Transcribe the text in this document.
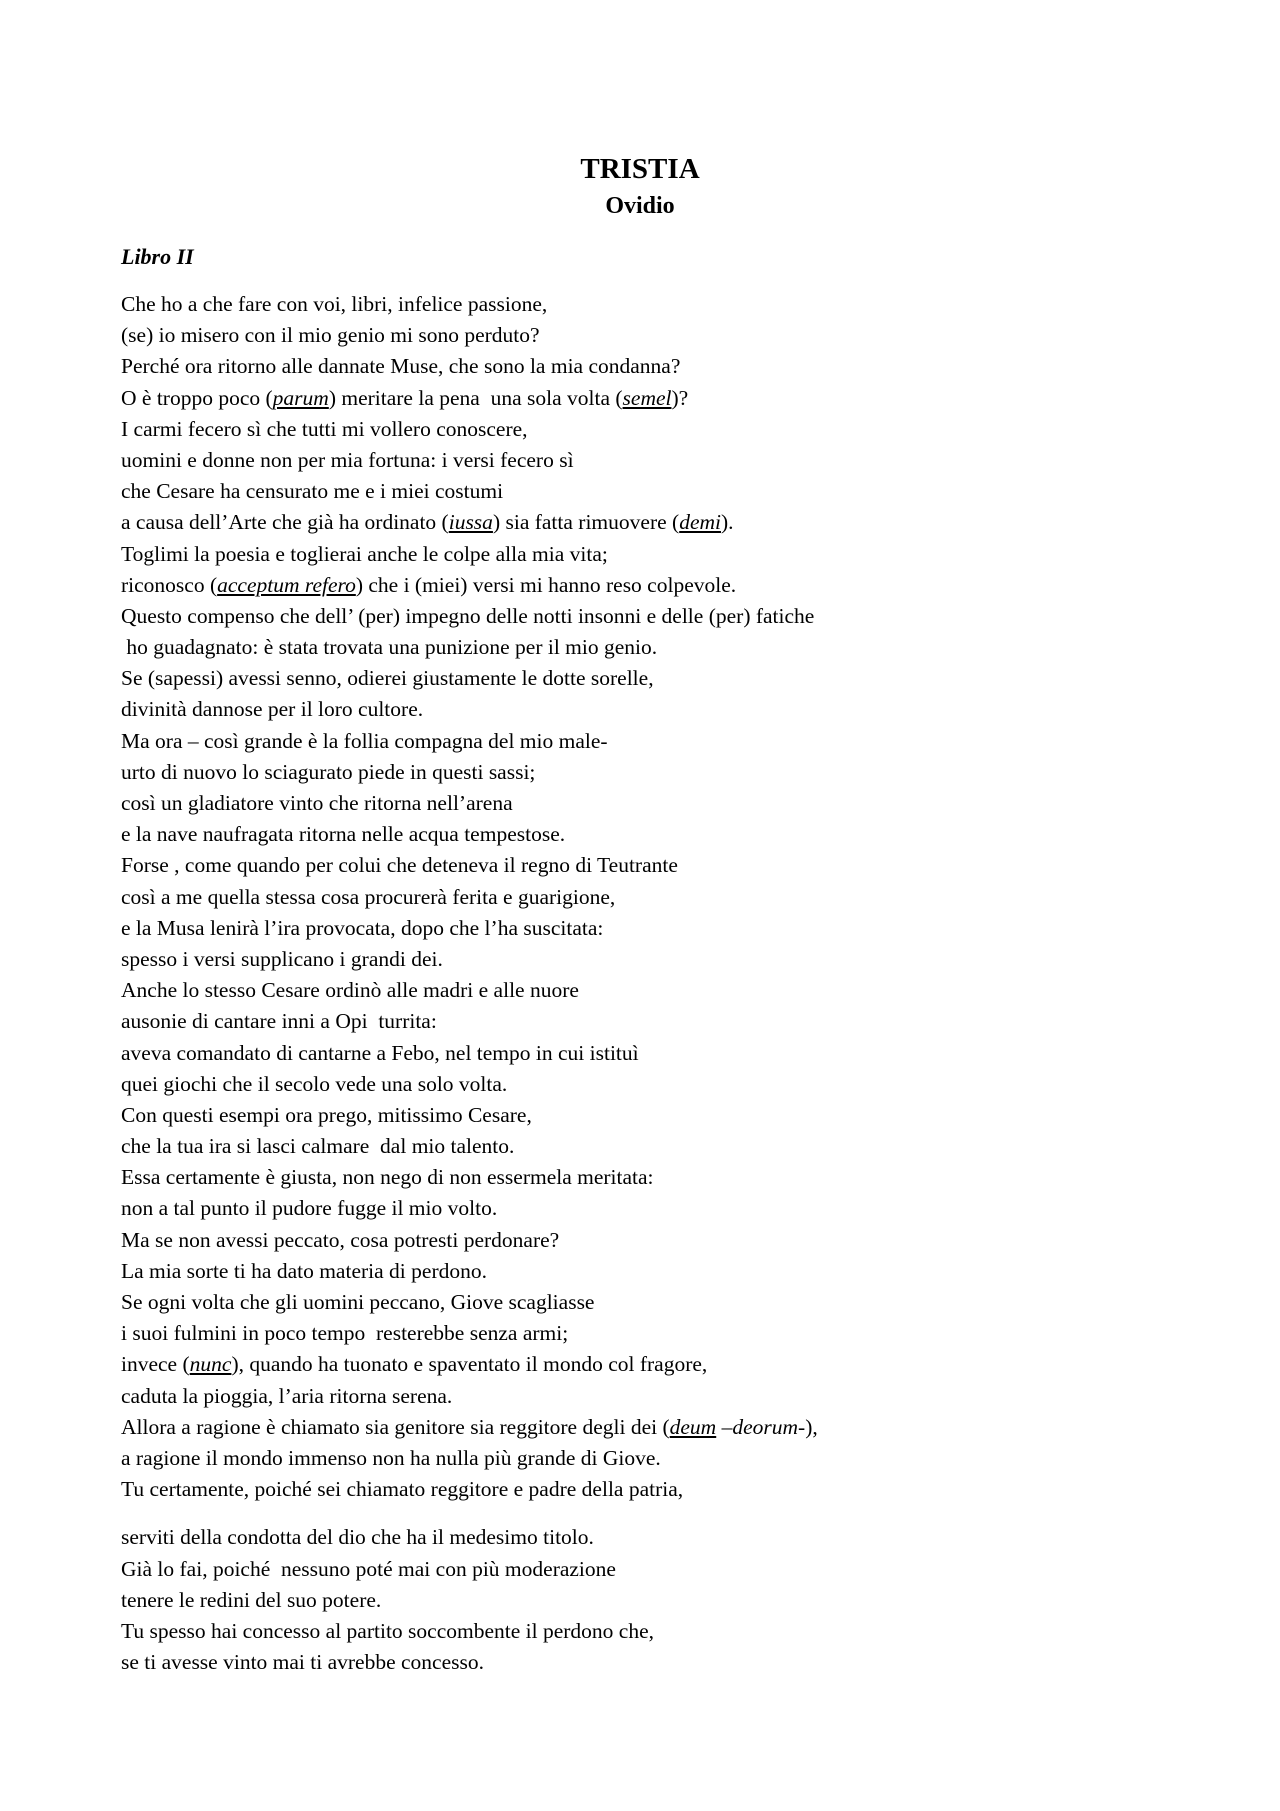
TRISTIA
Ovidio
Libro II
Che ho a che fare con voi, libri, infelice passione,
(se) io misero con il mio genio mi sono perduto?
Perché ora ritorno alle dannate Muse, che sono la mia condanna?
O è troppo poco (parum) meritare la pena  una sola volta (semel)?
I carmi fecero sì che tutti mi vollero conoscere,
uomini e donne non per mia fortuna: i versi fecero sì
che Cesare ha censurato me e i miei costumi
a causa dell’Arte che già ha ordinato (iussa) sia fatta rimuovere (demi).
Toglimi la poesia e toglierai anche le colpe alla mia vita;
riconosco (acceptum refero) che i (miei) versi mi hanno reso colpevole.
Questo compenso che dell’ (per) impegno delle notti insonni e delle (per) fatiche
ho guadagnato: è stata trovata una punizione per il mio genio.
Se (sapessi) avessi senno, odierei giustamente le dotte sorelle,
divinità dannose per il loro cultore.
Ma ora – così grande è la follia compagna del mio male-
urto di nuovo lo sciagurato piede in questi sassi;
così un gladiatore vinto che ritorna nell’arena
e la nave naufragata ritorna nelle acqua tempestose.
Forse , come quando per colui che deteneva il regno di Teutrante
così a me quella stessa cosa procurerà ferita e guarigione,
e la Musa lenirà l’ira provocata, dopo che l’ha suscitata:
spesso i versi supplicano i grandi dei.
Anche lo stesso Cesare ordinò alle madri e alle nuore
ausonie di cantare inni a Opi  turrita:
aveva comandato di cantarne a Febo, nel tempo in cui istituì
quei giochi che il secolo vede una solo volta.
Con questi esempi ora prego, mitissimo Cesare,
che la tua ira si lasci calmare  dal mio talento.
Essa certamente è giusta, non nego di non essermela meritata:
non a tal punto il pudore fugge il mio volto.
Ma se non avessi peccato, cosa potresti perdonare?
La mia sorte ti ha dato materia di perdono.
Se ogni volta che gli uomini peccano, Giove scagliasse
i suoi fulmini in poco tempo  resterebbe senza armi;
invece (nunc), quando ha tuonato e spaventato il mondo col fragore,
caduta la pioggia, l’aria ritorna serena.
Allora a ragione è chiamato sia genitore sia reggitore degli dei (deum –deorum-),
a ragione il mondo immenso non ha nulla più grande di Giove.
Tu certamente, poiché sei chiamato reggitore e padre della patria,
serviti della condotta del dio che ha il medesimo titolo.
Già lo fai, poiché  nessuno poté mai con più moderazione
tenere le redini del suo potere.
Tu spesso hai concesso al partito soccombente il perdono che,
se ti avesse vinto mai ti avrebbe concesso.
